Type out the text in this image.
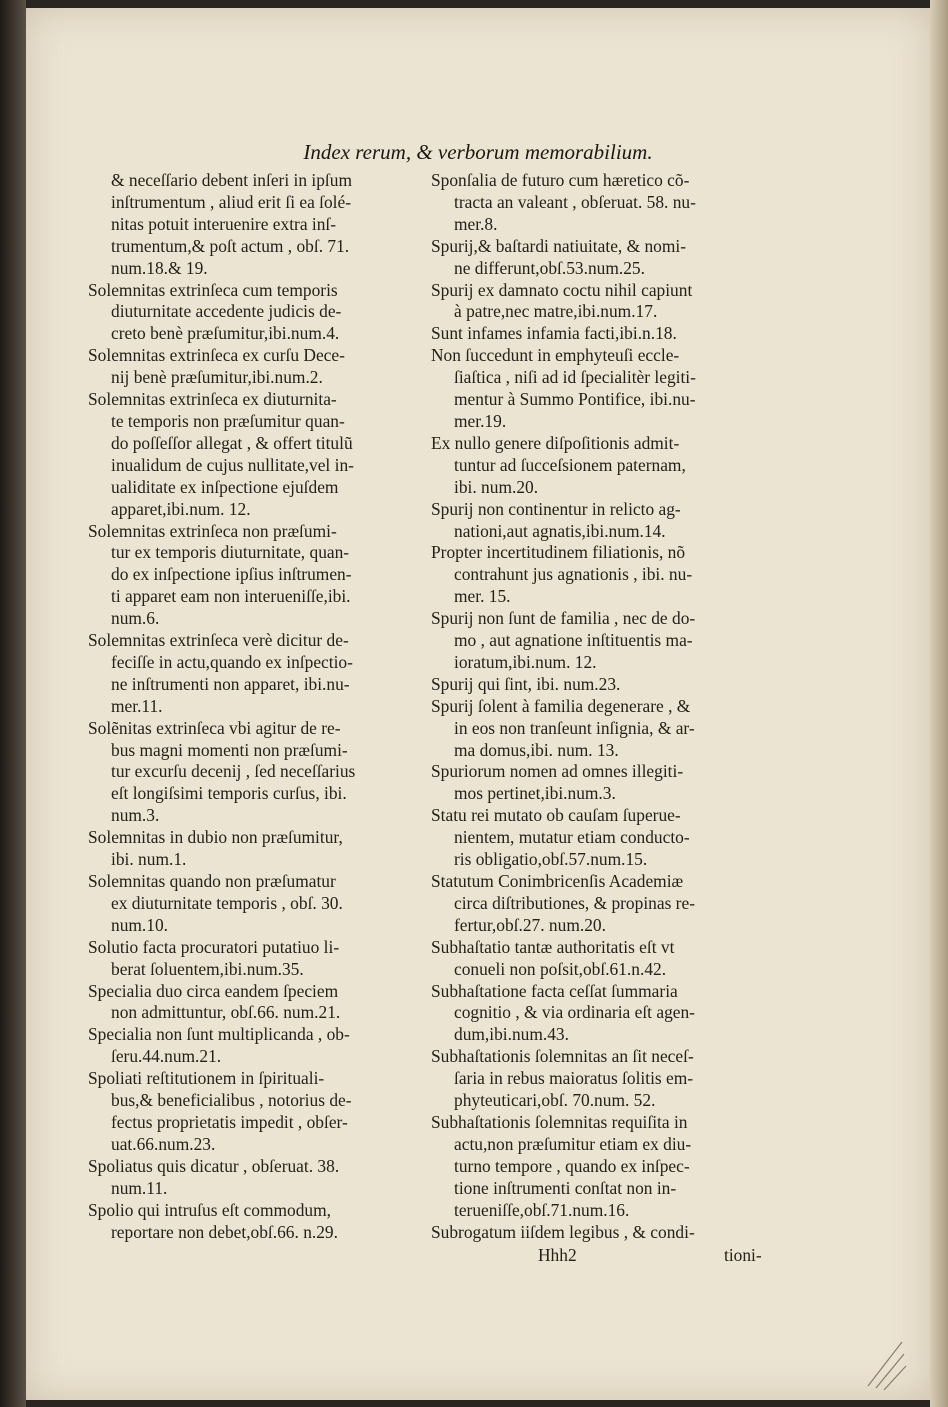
Index rerum, & verborum memorabilium.
& neceſſario debent inſeri in ipſum
inſtrumentum , aliud erit ſi ea ſolé-
nitas potuit interuenire extra inſ-
trumentum,& poſt actum , obſ. 71.
num.18.& 19.
Solemnitas extrinſeca cum temporis
diuturnitate accedente judicis de-
creto benè præſumitur,ibi.num.4.
Solemnitas extrinſeca ex curſu Dece-
nij benè præſumitur,ibi.num.2.
Solemnitas extrinſeca ex diuturnita-
te temporis non præſumitur quan-
do poſſeſſor allegat , & offert titulũ
inualidum de cujus nullitate,vel in-
ualiditate ex inſpectione ejuſdem
apparet,ibi.num. 12.
Solemnitas extrinſeca non præſumi-
tur ex temporis diuturnitate, quan-
do ex inſpectione ipſius inſtrumen-
ti apparet eam non interueniſſe,ibi.
num.6.
Solemnitas extrinſeca verè dicitur de-
feciſſe in actu,quando ex inſpectio-
ne inſtrumenti non apparet, ibi.nu-
mer.11.
Solẽnitas extrinſeca vbi agitur de re-
bus magni momenti non præſumi-
tur excurſu decenij , ſed neceſſarius
eſt longiſsimi temporis curſus, ibi.
num.3.
Solemnitas in dubio non præſumitur,
ibi. num.1.
Solemnitas quando non præſumatur
ex diuturnitate temporis , obſ. 30.
num.10.
Solutio facta procuratori putatiuo li-
berat ſoluentem,ibi.num.35.
Specialia duo circa eandem ſpeciem
non admittuntur, obſ.66. num.21.
Specialia non ſunt multiplicanda , ob-
ſeru.44.num.21.
Spoliati reſtitutionem in ſpirituali-
bus,& beneficialibus , notorius de-
fectus proprietatis impedit , obſer-
uat.66.num.23.
Spoliatus quis dicatur , obſeruat. 38.
num.11.
Spolio qui intruſus eſt commodum,
reportare non debet,obſ.66. n.29.
Sponſalia de futuro cum hæretico cõ-
tracta an valeant , obſeruat. 58. nu-
mer.8.
Spurij,& baſtardi natiuitate, & nomi-
ne differunt,obſ.53.num.25.
Spurij ex damnato coctu nihil capiunt
à patre,nec matre,ibi.num.17.
Sunt infames infamia facti,ibi.n.18.
Non ſuccedunt in emphyteuſi eccle-
ſiaſtica , niſi ad id ſpecialitèr legiti-
mentur à Summo Pontifice, ibi.nu-
mer.19.
Ex nullo genere diſpoſitionis admit-
tuntur ad ſucceſsionem paternam,
ibi. num.20.
Spurij non continentur in relicto ag-
nationi,aut agnatis,ibi.num.14.
Propter incertitudinem filiationis, nõ
contrahunt jus agnationis , ibi. nu-
mer. 15.
Spurij non ſunt de familia , nec de do-
mo , aut agnatione inſtituentis ma-
ioratum,ibi.num. 12.
Spurij qui ſint, ibi. num.23.
Spurij ſolent à familia degenerare , &
in eos non tranſeunt inſignia, & ar-
ma domus,ibi. num. 13.
Spuriorum nomen ad omnes illegiti-
mos pertinet,ibi.num.3.
Statu rei mutato ob cauſam ſuperue-
nientem, mutatur etiam conducto-
ris obligatio,obſ.57.num.15.
Statutum Conimbricenſis Academiæ
circa diſtributiones, & propinas re-
fertur,obſ.27. num.20.
Subhaſtatio tantæ authoritatis eſt vt
conueli non poſsit,obſ.61.n.42.
Subhaſtatione facta ceſſat ſummaria
cognitio , & via ordinaria eſt agen-
dum,ibi.num.43.
Subhaſtationis ſolemnitas an ſit neceſ-
ſaria in rebus maioratus ſolitis em-
phyteuticari,obſ. 70.num. 52.
Subhaſtationis ſolemnitas requiſita in
actu,non præſumitur etiam ex diu-
turno tempore , quando ex inſpec-
tione inſtrumenti conſtat non in-
terueniſſe,obſ.71.num.16.
Subrogatum iiſdem legibus , & condi-
Hhh2	tioni-
